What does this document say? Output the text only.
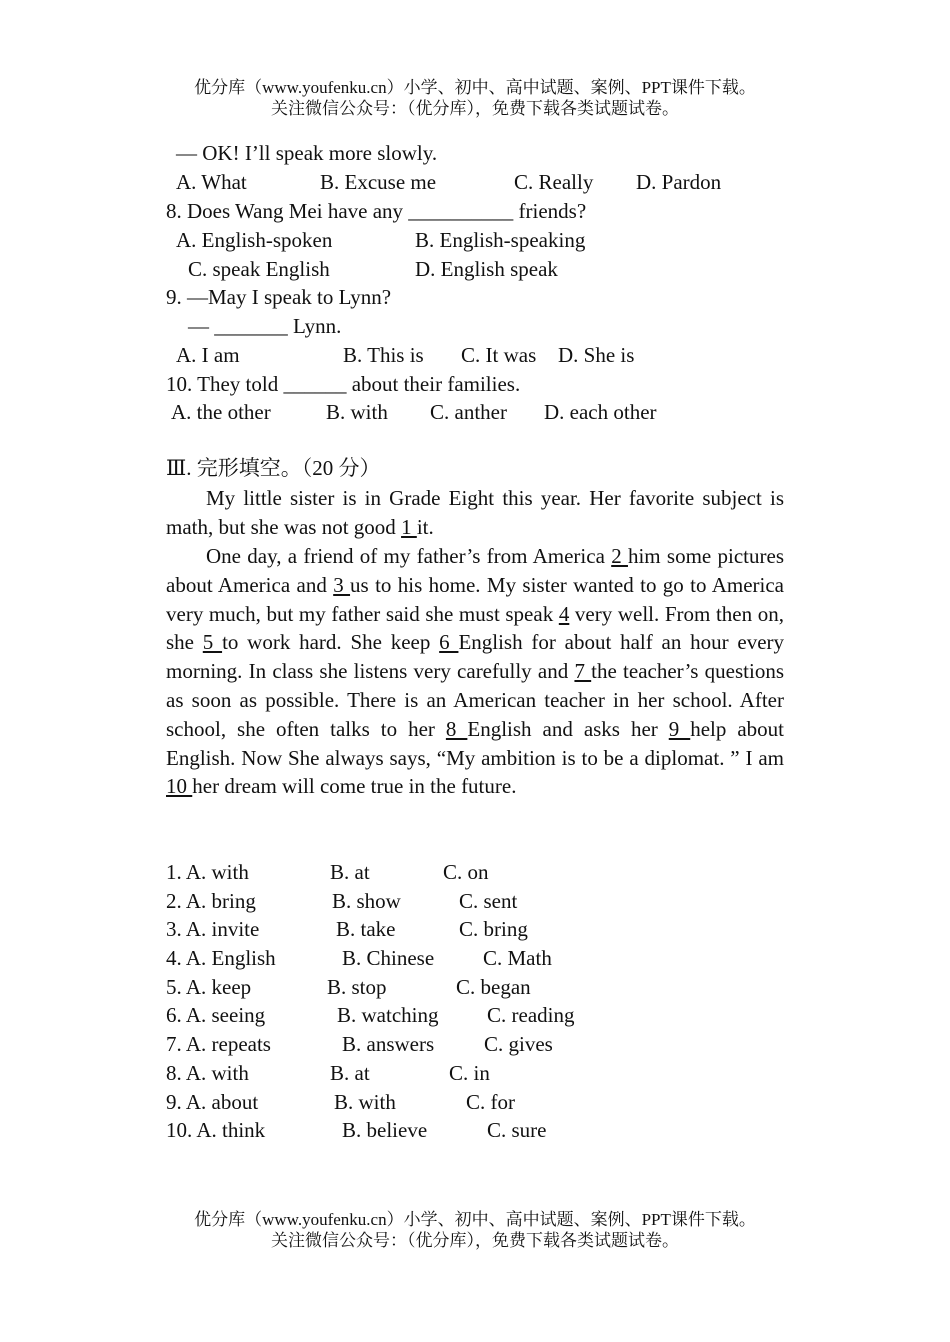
优分库（www.youfenku.cn）小学、初中、高中试题、案例、PPT课件下载。
关注微信公众号：（优分库），免费下载各类试题试卷。
— OK! I’ll speak more slowly.
A. What	B. Excuse me	C. Really D. Pardon
8. Does Wang Mei have any __________ friends?
A. English-spoken	B. English-speaking
C. speak English	D. English speak
9. —May I speak to Lynn?
— _______ Lynn.
A. I am	B. This is C. It was D. She is
10. They told ______ about their families.
A. the other	B. with C. anther D. each other
Ⅲ. 完形填空。（20 分）
My little sister is in Grade Eight this year. Her favorite subject is math, but she was not good 1 it.
One day, a friend of my father’s from America 2 him some pictures about America and 3 us to his home. My sister wanted to go to America very much, but my father said she must speak 4 very well. From then on, she 5 to work hard. She keep 6 English for about half an hour every morning. In class she listens very carefully and 7 the teacher’s questions as soon as possible. There is an American teacher in her school. After school, she often talks to her 8 English and asks her 9 help about English. Now She always says, “My ambition is to be a diplomat. ” I am 10 her dream will come true in the future.
1. A. with	B. at	C. on
2. A. bring	B. show	C. sent
3. A. invite	B. take	C. bring
4. A. English	B. Chinese C. Math
5. A. keep	B. stop	C. began
6. A. seeing	B. watching C. reading
7. A. repeats	B. answers C. gives
8. A. with	B. at	C. in
9. A. about	B. with	C. for
10. A. think	B. believe	C. sure
优分库（www.youfenku.cn）小学、初中、高中试题、案例、PPT课件下载。
关注微信公众号：（优分库），免费下载各类试题试卷。
